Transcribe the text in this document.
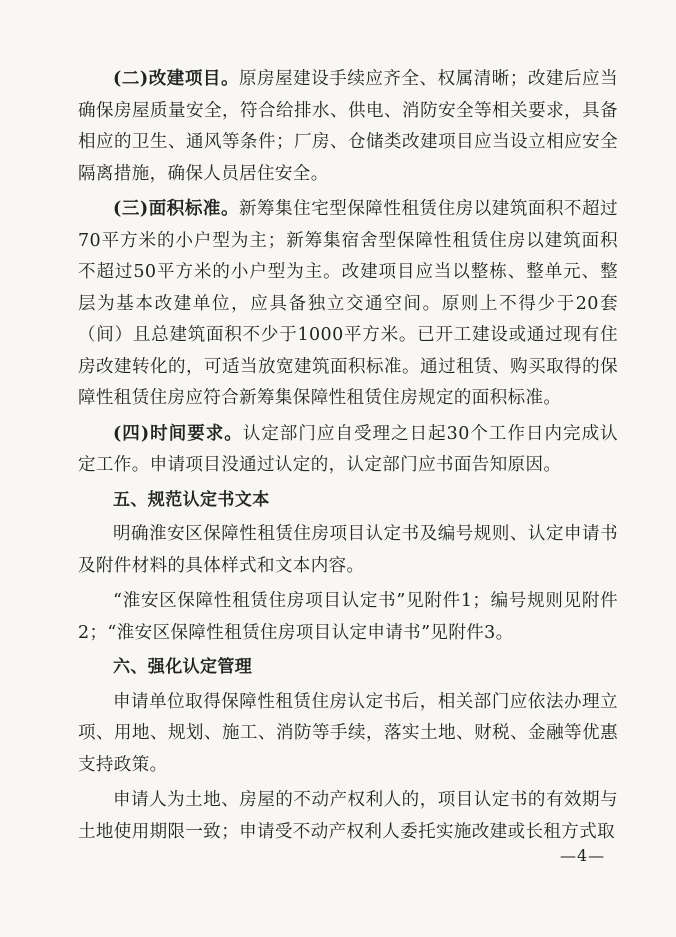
(二)改建项目。原房屋建设手续应齐全、权属清晰；改建后应当确保房屋质量安全，符合给排水、供电、消防安全等相关要求，具备相应的卫生、通风等条件；厂房、仓储类改建项目应当设立相应安全隔离措施，确保人员居住安全。

(三)面积标准。新筹集住宅型保障性租赁住房以建筑面积不超过70平方米的小户型为主；新筹集宿舍型保障性租赁住房以建筑面积不超过50平方米的小户型为主。改建项目应当以整栋、整单元、整层为基本改建单位，应具备独立交通空间。原则上不得少于20套（间）且总建筑面积不少于1000平方米。已开工建设或通过现有住房改建转化的，可适当放宽建筑面积标准。通过租赁、购买取得的保障性租赁住房应符合新筹集保障性租赁住房规定的面积标准。

(四)时间要求。认定部门应自受理之日起30个工作日内完成认定工作。申请项目没通过认定的，认定部门应书面告知原因。

五、规范认定书文本

明确淮安区保障性租赁住房项目认定书及编号规则、认定申请书及附件材料的具体样式和文本内容。

“淮安区保障性租赁住房项目认定书”见附件1；编号规则见附件2；“淮安区保障性租赁住房项目认定申请书”见附件3。

六、强化认定管理

申请单位取得保障性租赁住房认定书后，相关部门应依法办理立项、用地、规划、施工、消防等手续，落实土地、财税、金融等优惠支持政策。

申请人为土地、房屋的不动产权利人的，项目认定书的有效期与土地使用期限一致；申请受不动产权利人委托实施改建或长租方式取

—4—
